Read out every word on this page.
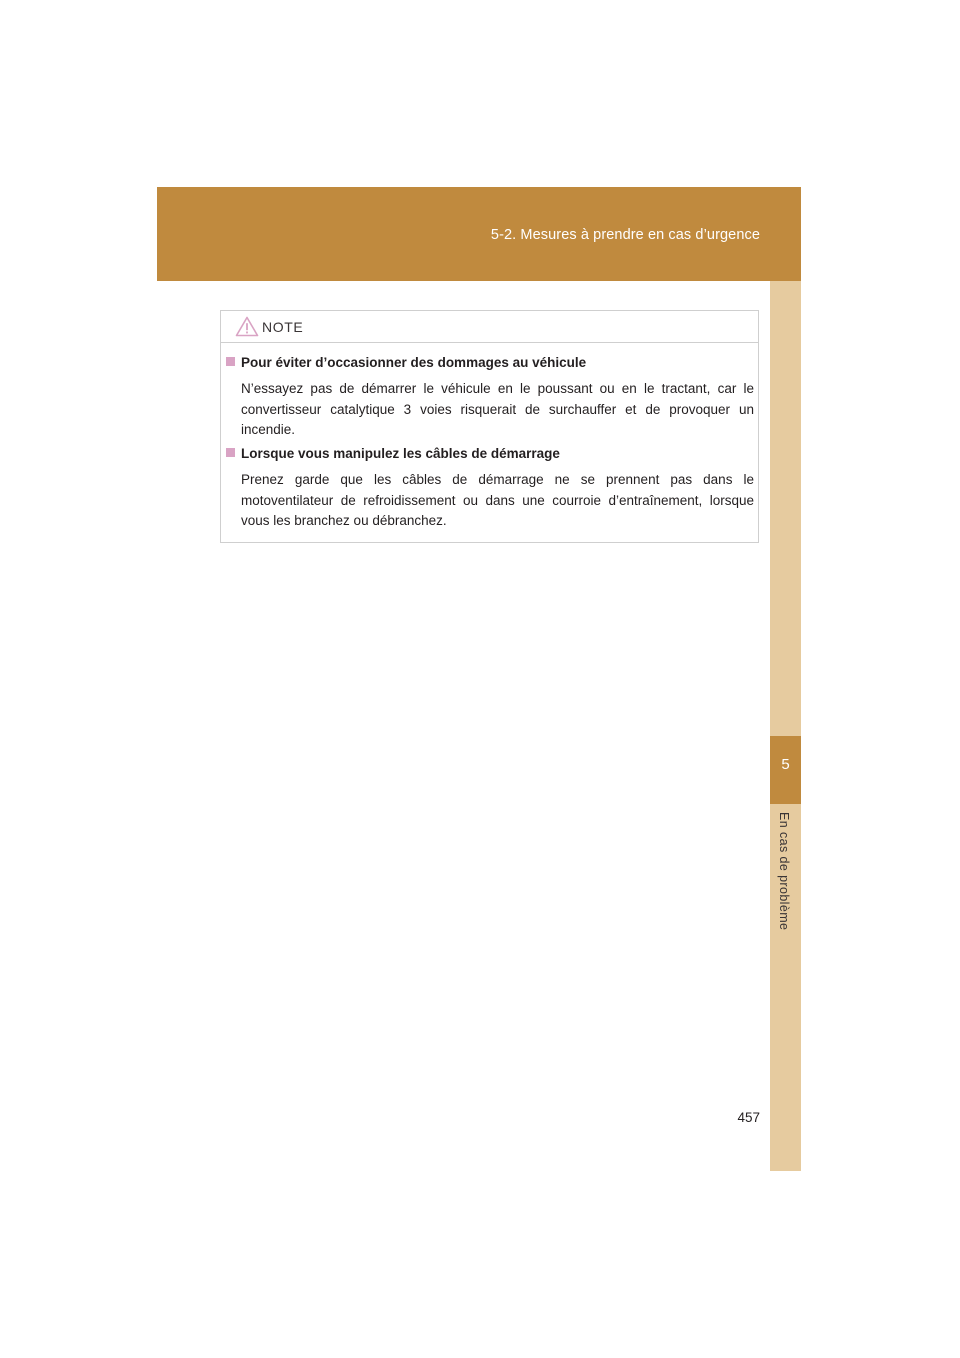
5-2. Mesures à prendre en cas d’urgence
5
En cas de problème
NOTE
Pour éviter d’occasionner des dommages au véhicule
N’essayez pas de démarrer le véhicule en le poussant ou en le tractant, car le convertisseur catalytique 3 voies risquerait de surchauffer et de provoquer un incendie.
Lorsque vous manipulez les câbles de démarrage
Prenez garde que les câbles de démarrage ne se prennent pas dans le motoventilateur de refroidissement ou dans une courroie d’entraînement, lorsque vous les branchez ou débranchez.
457
